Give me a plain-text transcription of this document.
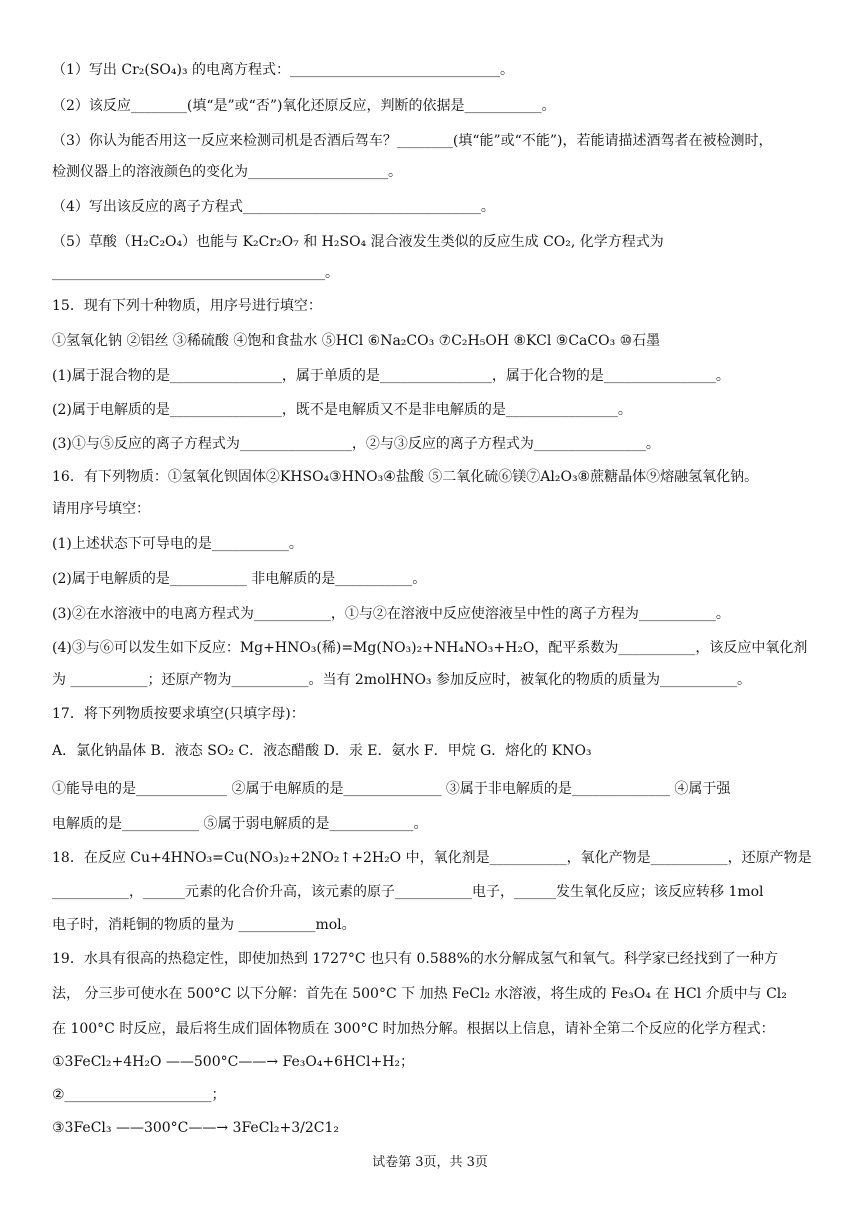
（1）写出 Cr₂(SO₄)₃ 的电离方程式：______________________________。
（2）该反应________(填“是”或“否”)氧化还原反应，判断的依据是___________。
（3）你认为能否用这一反应来检测司机是否酒后驾车？________(填“能”或“不能”)，若能请描述酒驾者在被检测时，
检测仪器上的溶液颜色的变化为____________________。
（4）写出该反应的离子方程式__________________________________。
（5）草酸（H₂C₂O₄）也能与 K₂Cr₂O₇ 和 H₂SO₄ 混合液发生类似的反应生成 CO₂, 化学方程式为
_______________________________________。
15．现有下列十种物质，用序号进行填空：
①氢氧化钠 ②铝丝 ③稀硫酸 ④饱和食盐水 ⑤HCl ⑥Na₂CO₃ ⑦C₂H₅OH ⑧KCl ⑨CaCO₃ ⑩石墨
(1)属于混合物的是________________，属于单质的是________________，属于化合物的是________________。
(2)属于电解质的是________________，既不是电解质又不是非电解质的是________________。
(3)①与⑤反应的离子方程式为________________，②与③反应的离子方程式为________________。
16．有下列物质：①氢氧化钡固体②KHSO₄③HNO₃④盐酸 ⑤二氧化硫⑥镁⑦Al₂O₃⑧蔗糖晶体⑨熔融氢氧化钠。
请用序号填空：
(1)上述状态下可导电的是___________。
(2)属于电解质的是___________ 非电解质的是___________。
(3)②在水溶液中的电离方程式为___________，①与②在溶液中反应使溶液呈中性的离子方程为___________。
(4)③与⑥可以发生如下反应：Mg+HNO₃(稀)=Mg(NO₃)₂+NH₄NO₃+H₂O，配平系数为___________，该反应中氧化剂
为 ___________；还原产物为___________。当有 2molHNO₃ 参加反应时，被氧化的物质的质量为___________。
17．将下列物质按要求填空(只填字母)：
A．氯化钠晶体 B．液态 SO₂ C．液态醋酸 D．汞 E．氨水 F．甲烷 G．熔化的 KNO₃
①能导电的是_____________ ②属于电解质的是______________ ③属于非电解质的是______________ ④属于强
电解质的是___________ ⑤属于弱电解质的是____________。
18．在反应 Cu+4HNO₃=Cu(NO₃)₂+2NO₂↑+2H₂O 中，氧化剂是___________，氧化产物是___________，还原产物是
___________，______元素的化合价升高，该元素的原子___________电子，______发生氧化反应；该反应转移 1mol
电子时，消耗铜的物质的量为 ___________mol。
19．水具有很高的热稳定性，即使加热到 1727°C 也只有 0.588%的水分解成氢气和氧气。科学家已经找到了一种方
法， 分三步可使水在 500°C 以下分解：首先在 500°C 下 加热 FeCl₂ 水溶液，将生成的 Fe₃O₄ 在 HCl 介质中与 Cl₂
在 100°C 时反应，最后将生成们固体物质在 300°C 时加热分解。根据以上信息，请补全第二个反应的化学方程式：
①3FeCl₂+4H₂O ——500°C——→ Fe₃O₄+6HCl+H₂；
②_____________________；
③3FeCl₃ ——300°C——→ 3FeCl₂+3/2C1₂
试卷第 3页，共 3页
